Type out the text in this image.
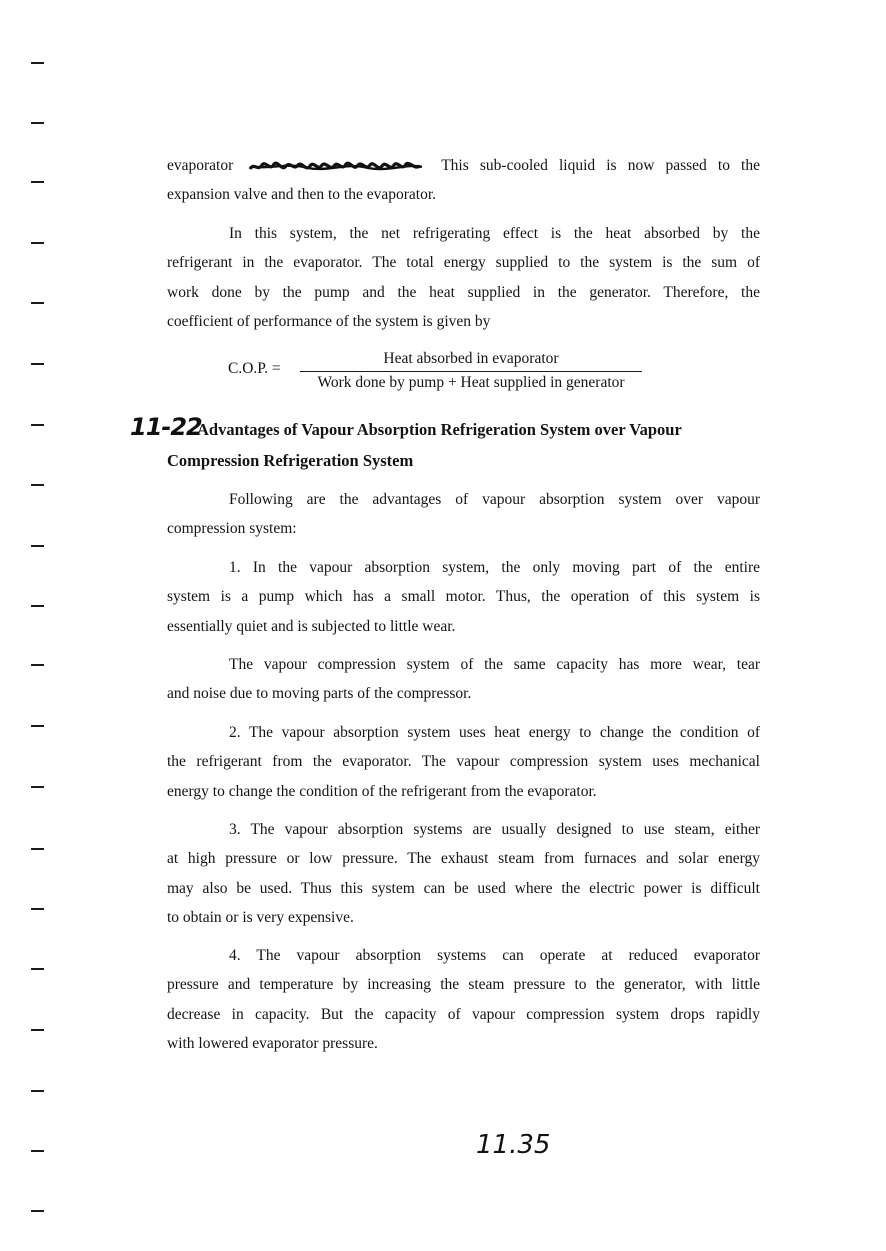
evaporator	This sub-cooled liquid is now passed to the
expansion valve and then to the evaporator.
In this system, the net refrigerating effect is the heat absorbed by the
refrigerant in the evaporator. The total energy supplied to the system is the sum of
work done by the pump and the heat supplied in the generator. Therefore, the
coefficient of performance of the system is given by
C.O.P. =
Heat absorbed in evaporator
Work done by pump + Heat supplied in generator
11-22
Advantages of Vapour Absorption Refrigeration System over Vapour
Compression Refrigeration System
Following are the advantages of vapour absorption system over vapour
compression system:
1. In the vapour absorption system, the only moving part of the entire
system is a pump which has a small motor. Thus, the operation of this system is
essentially quiet and is subjected to little wear.
The vapour compression system of the same capacity has more wear, tear
and noise due to moving parts of the compressor.
2. The vapour absorption system uses heat energy to change the condition of
the refrigerant from the evaporator. The vapour compression system uses mechanical
energy to change the condition of the refrigerant from the evaporator.
3. The vapour absorption systems are usually designed to use steam, either
at high pressure or low pressure. The exhaust steam from furnaces and solar energy
may also be used. Thus this system can be used where the electric power is difficult
to obtain or is very expensive.
4. The vapour absorption systems can operate at reduced evaporator
pressure and temperature by increasing the steam pressure to the generator, with little
decrease in capacity. But the capacity of vapour compression system drops rapidly
with lowered evaporator pressure.
11.35
